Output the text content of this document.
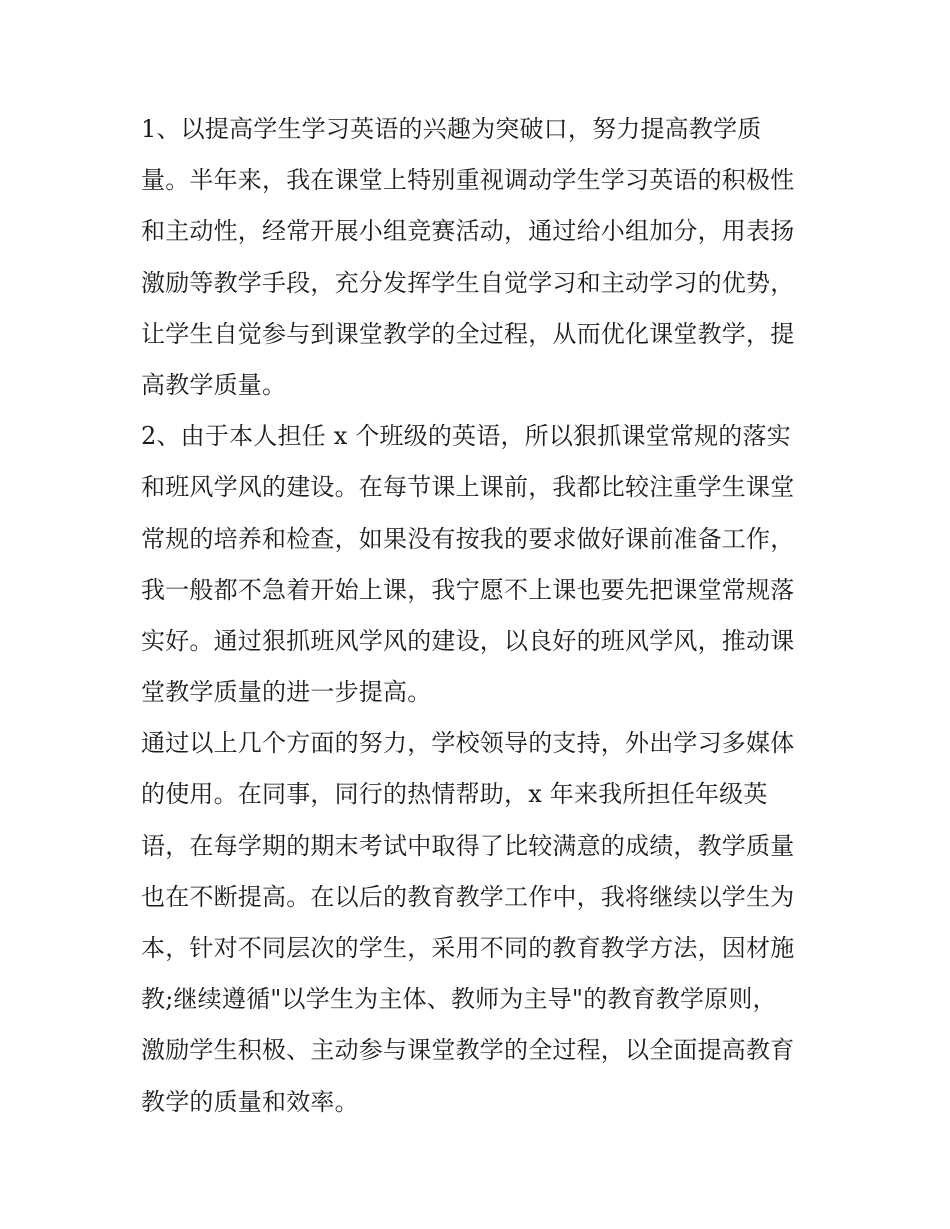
1、以提高学生学习英语的兴趣为突破口，努力提高教学质
量。半年来，我在课堂上特别重视调动学生学习英语的积极性
和主动性，经常开展小组竞赛活动，通过给小组加分，用表扬
激励等教学手段，充分发挥学生自觉学习和主动学习的优势，
让学生自觉参与到课堂教学的全过程，从而优化课堂教学，提
高教学质量。
2、由于本人担任 x 个班级的英语，所以狠抓课堂常规的落实
和班风学风的建设。在每节课上课前，我都比较注重学生课堂
常规的培养和检查，如果没有按我的要求做好课前准备工作，
我一般都不急着开始上课，我宁愿不上课也要先把课堂常规落
实好。通过狠抓班风学风的建设，以良好的班风学风，推动课
堂教学质量的进一步提高。
通过以上几个方面的努力，学校领导的支持，外出学习多媒体
的使用。在同事，同行的热情帮助，x 年来我所担任年级英
语，在每学期的期末考试中取得了比较满意的成绩，教学质量
也在不断提高。在以后的教育教学工作中，我将继续以学生为
本，针对不同层次的学生，采用不同的教育教学方法，因材施
教;继续遵循"以学生为主体、教师为主导"的教育教学原则，
激励学生积极、主动参与课堂教学的全过程，以全面提高教育
教学的质量和效率。
